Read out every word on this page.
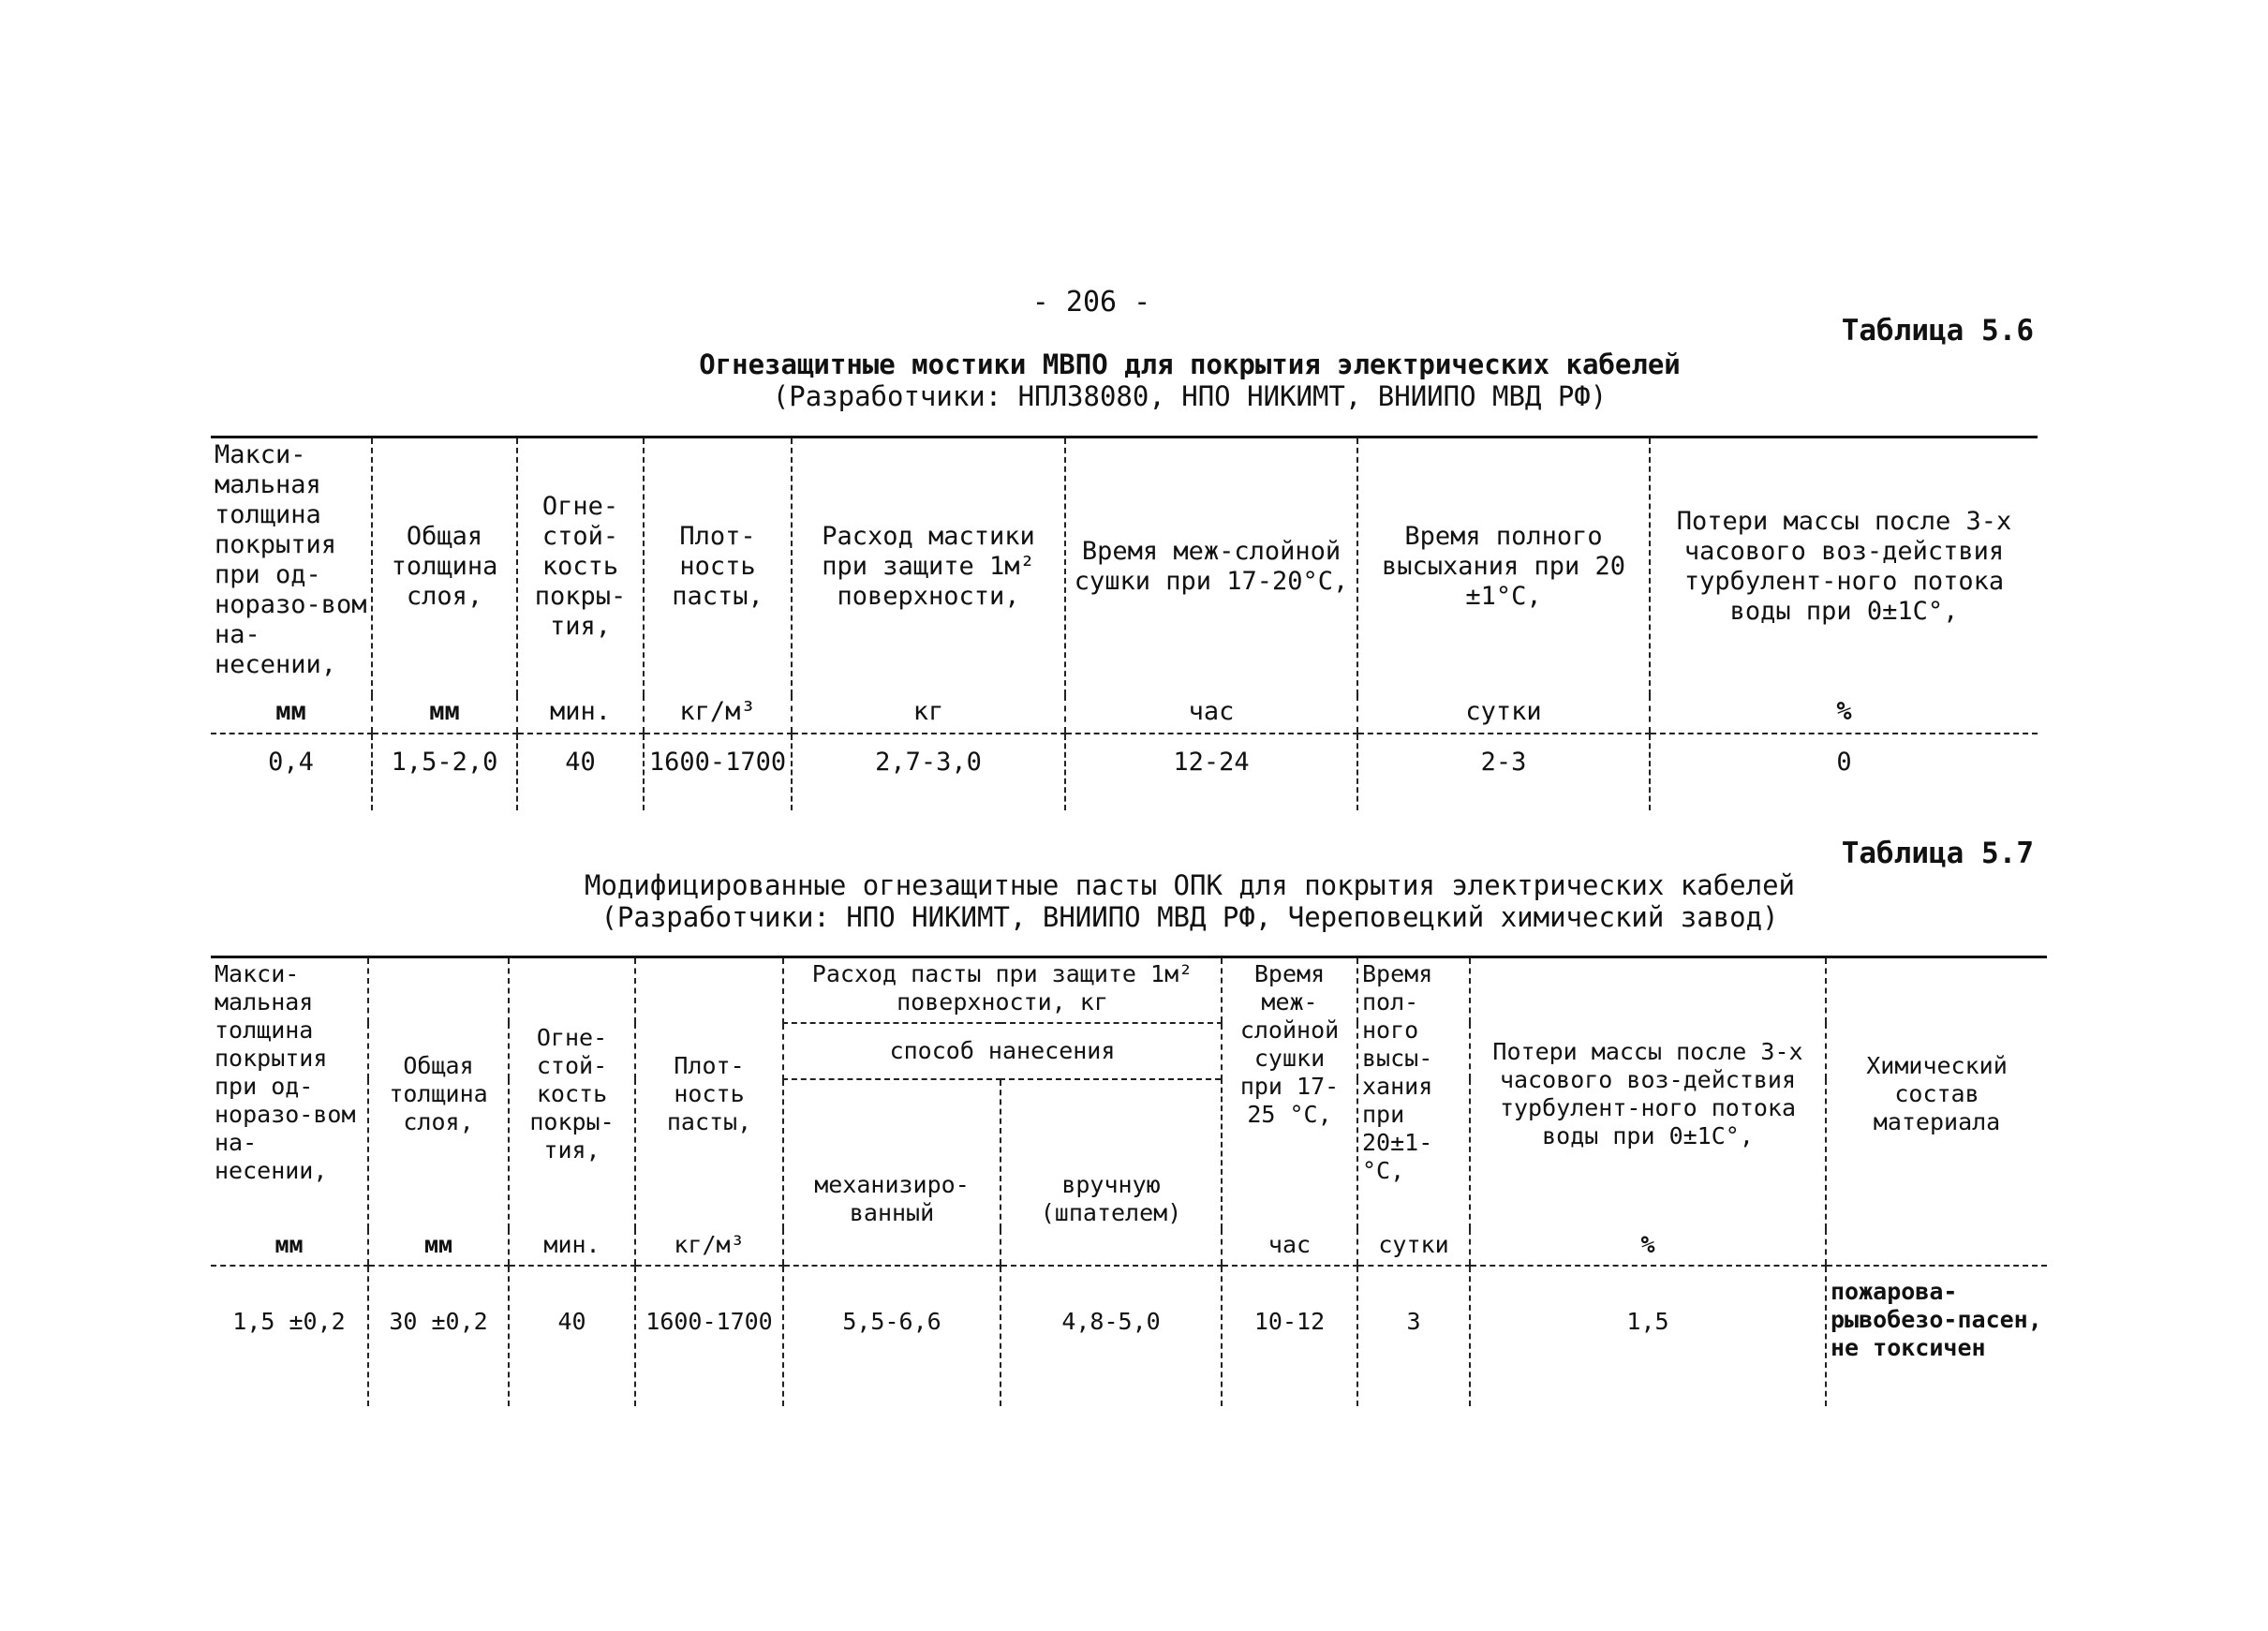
- 206 -
Таблица 5.6
Огнезащитные мостики МВПО для покрытия электрических кабелей
(Разработчики: НПЛ38080, НПО НИКИМТ, ВНИИПО МВД РФ)
Макси-мальная толщина покрытия при од-норазо-вом на-несении,	Общая толщина слоя,	Огне-стой-кость покры-тия,	Плот-ность пасты,	Расход мастики при защите 1м² поверхности,	Время меж-слойной сушки при 17-20°С,	Время полного высыхания при 20 ±1°С,	Потери массы после 3-х часового воз-действия турбулент-ного потока воды при 0±1С°,
мм	мм	мин.	кг/м³	кг	час	сутки	%
0,4	1,5-2,0	40	1600-1700	2,7-3,0	12-24	2-3	0
Таблица 5.7
Модифицированные огнезащитные пасты ОПК для покрытия электрических кабелей
(Разработчики: НПО НИКИМТ, ВНИИПО МВД РФ, Череповецкий химический завод)
Макси-мальная толщина покрытия при од-норазо-вом на-несении,	Общая толщина слоя,	Огне-стой-кость покры-тия,	Плот-ность пасты,	Расход пасты при защите 1м² поверхности, кг		Время меж-слойной сушки при 17-25 °С,	Время пол-ного высы-хания при 20±1-°С,	Потери массы после 3-х часового воз-действия турбулент-ного потока воды при 0±1С°,	Химический состав материала
				способ нанесения					
				механизиро-ванный	вручную (шпателем)				
мм	мм	мин.	кг/м³			час	сутки	%	
1,5 ±0,2	30 ±0,2	40	1600-1700	5,5-6,6	4,8-5,0	10-12	3	1,5	пожарова-рывобезо-пасен, не токсичен
